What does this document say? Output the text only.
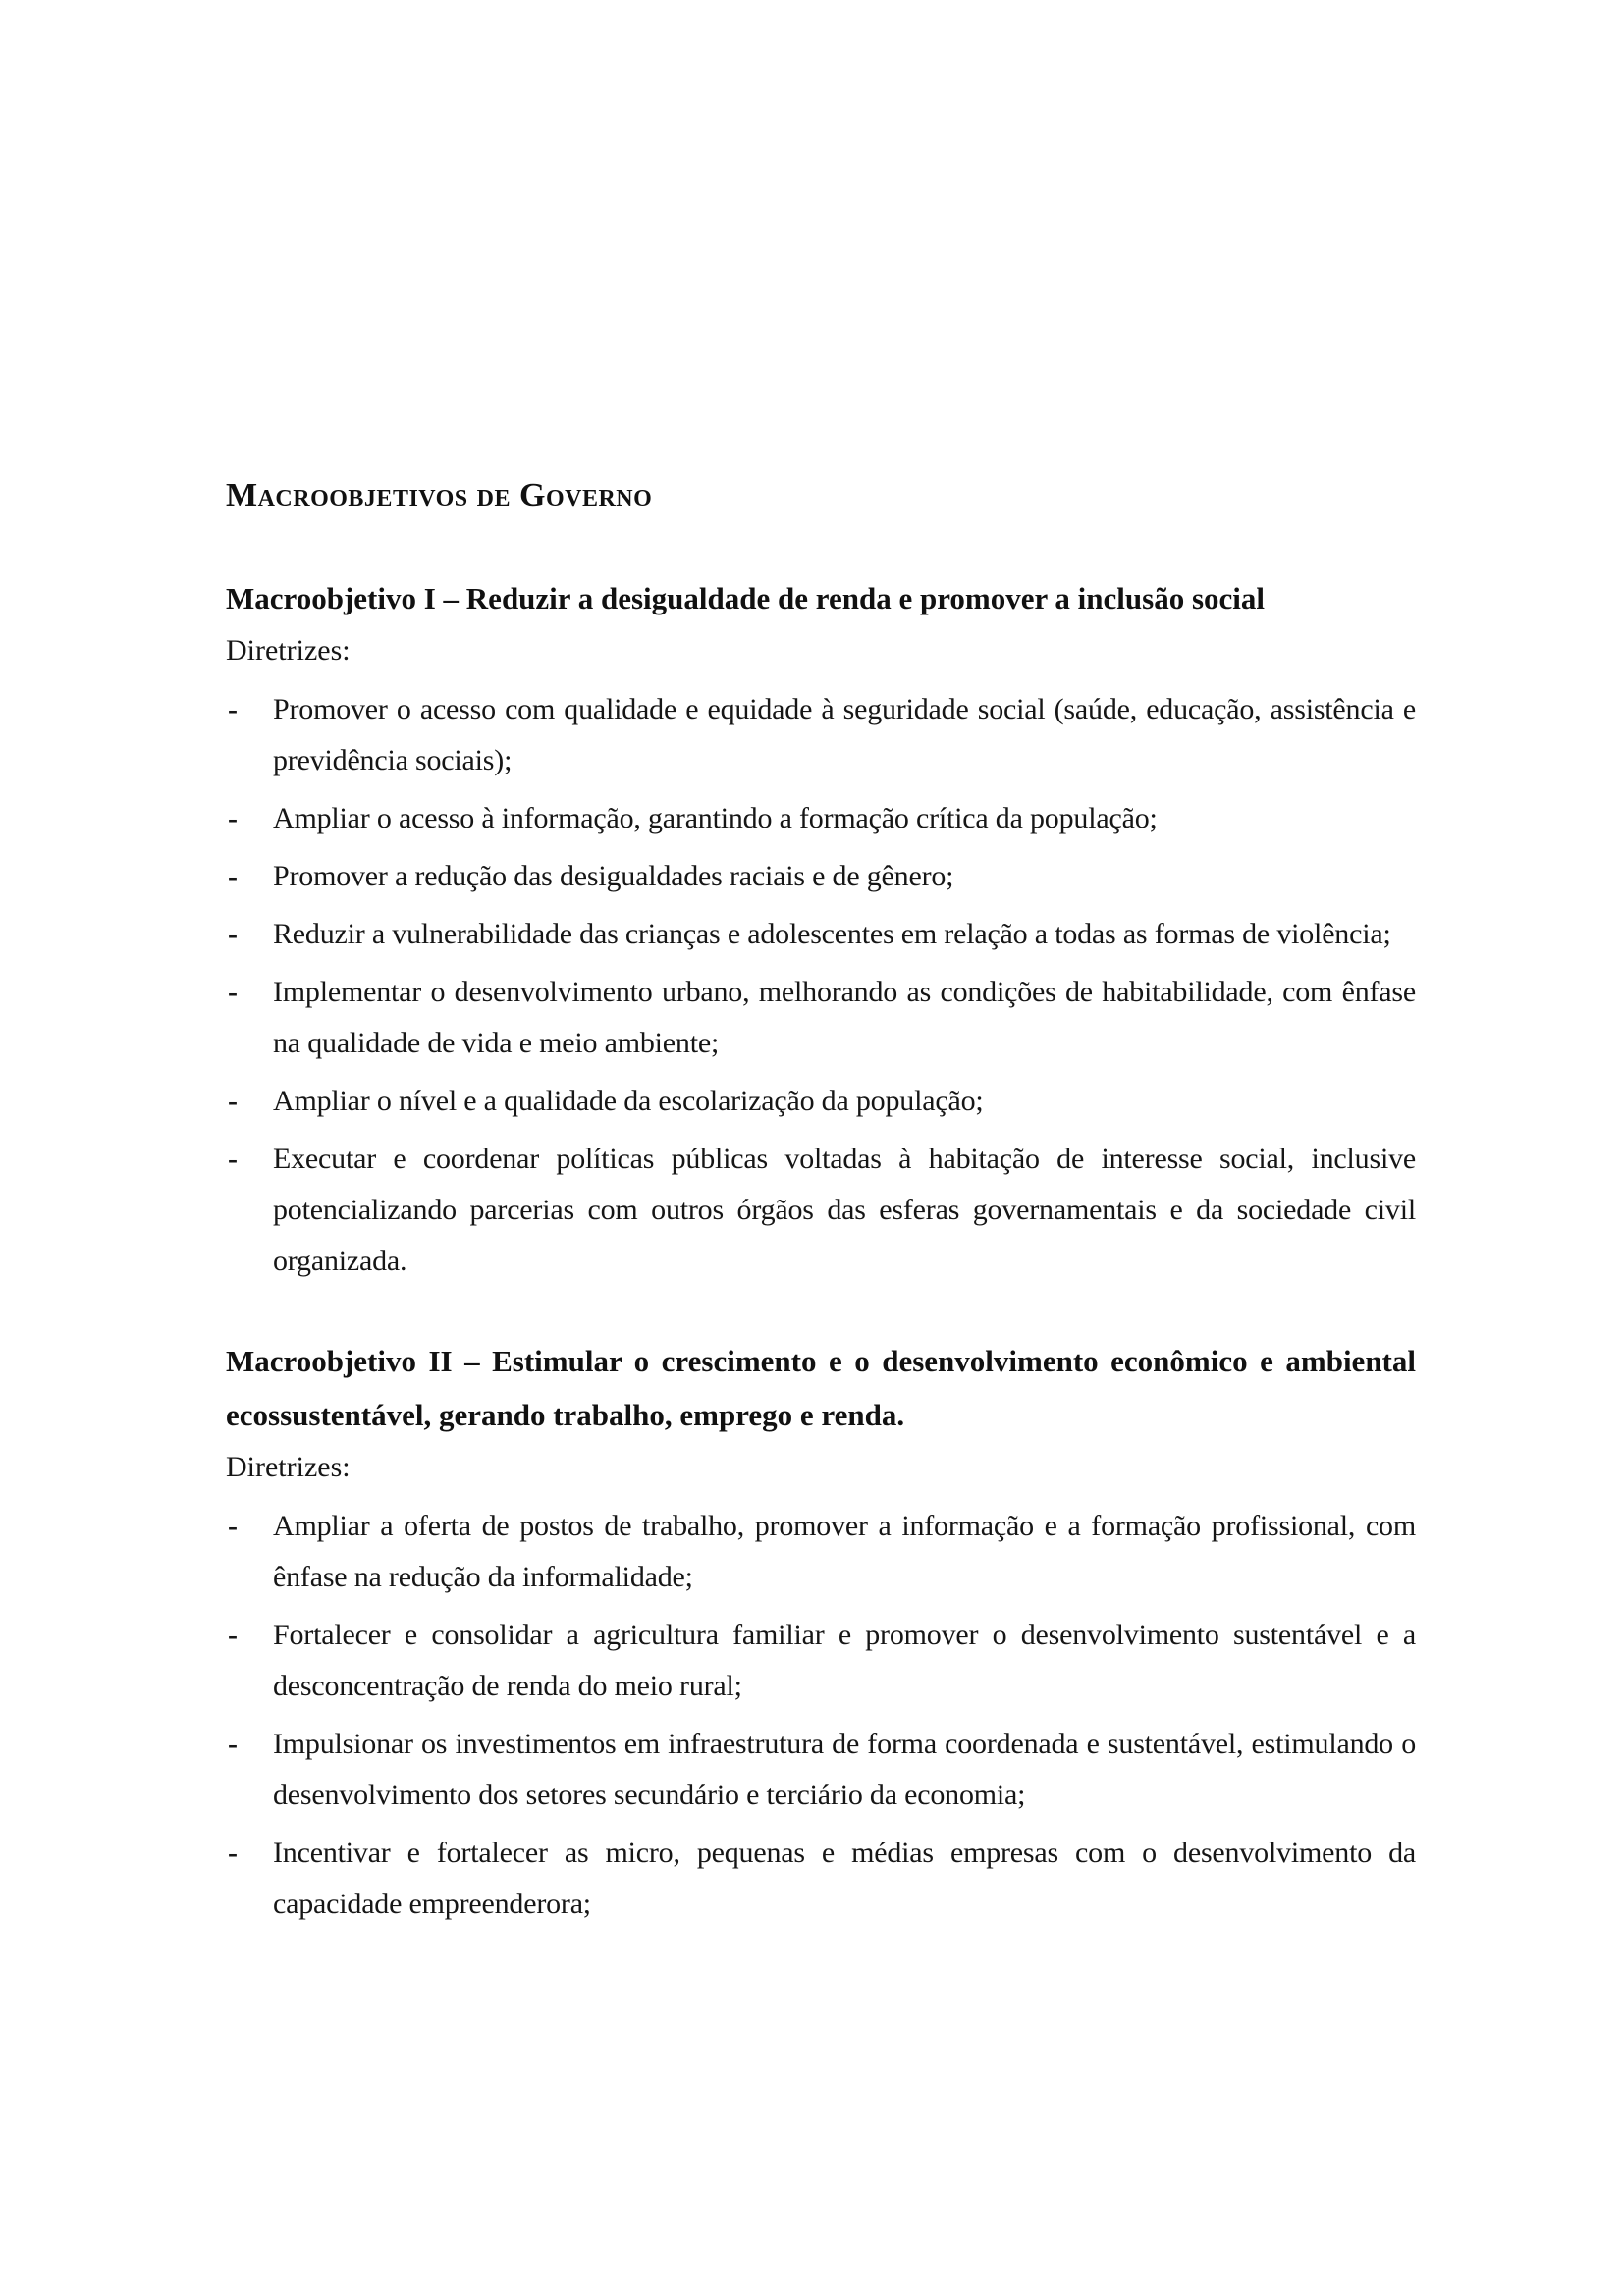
Macroobjetivos de Governo
Macroobjetivo I – Reduzir a desigualdade de renda e promover a inclusão social

Diretrizes:

- Promover o acesso com qualidade e equidade à seguridade social (saúde, educação, assistência e previdência sociais);
- Ampliar o acesso à informação, garantindo a formação crítica da população;
- Promover a redução das desigualdades raciais e de gênero;
- Reduzir a vulnerabilidade das crianças e adolescentes em relação a todas as formas de violência;
- Implementar o desenvolvimento urbano, melhorando as condições de habitabilidade, com ênfase na qualidade de vida e meio ambiente;
- Ampliar o nível e a qualidade da escolarização da população;
- Executar e coordenar políticas públicas voltadas à habitação de interesse social, inclusive potencializando parcerias com outros órgãos das esferas governamentais e da sociedade civil organizada.
Macroobjetivo II – Estimular o crescimento e o desenvolvimento econômico e ambiental ecossustentável, gerando trabalho, emprego e renda.

Diretrizes:

- Ampliar a oferta de postos de trabalho, promover a informação e a formação profissional, com ênfase na redução da informalidade;
- Fortalecer e consolidar a agricultura familiar e promover o desenvolvimento sustentável e a desconcentração de renda do meio rural;
- Impulsionar os investimentos em infraestrutura de forma coordenada e sustentável, estimulando o desenvolvimento dos setores secundário e terciário da economia;
- Incentivar e fortalecer as micro, pequenas e médias empresas com o desenvolvimento da capacidade empreenderora;
